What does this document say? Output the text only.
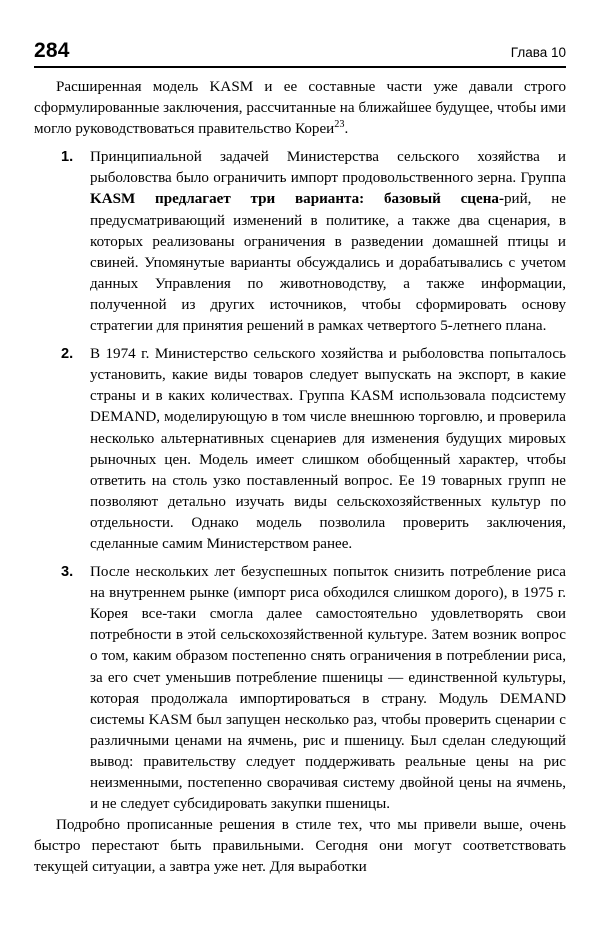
284	Глава 10

Расширенная модель KASM и ее составные части уже давали строго сформулированные заключения, рассчитанные на ближайшее будущее, чтобы ими могло руководствоваться правительство Кореи$^{23}$.

1. Принципиальной задачей Министерства сельского хозяйства и рыболовства было ограничить импорт продовольственного зерна. Группа KASM предлагает три варианта: базовый сцена-рий, не предусматривающий изменений в политике, а также два сценария, в которых реализованы ограничения в разведении домашней птицы и свиней. Упомянутые варианты обсуждались и дорабатывались с учетом данных Управления по животноводству, а также информации, полученной из других источников, чтобы сформировать основу стратегии для принятия решений в рамках четвертого 5-летнего плана.
2. В 1974 г. Министерство сельского хозяйства и рыболовства попыталось установить, какие виды товаров следует выпускать на экспорт, в какие страны и в каких количествах. Группа KASM использовала подсистему DEMAND, моделирующую в том числе внешнюю торговлю, и проверила несколько альтернативных сценариев для изменения будущих мировых рыночных цен. Модель имеет слишком обобщенный характер, чтобы ответить на столь узко поставленный вопрос. Ее 19 товарных групп не позволяют детально изучать виды сельскохозяйственных культур по отдельности. Однако модель позволила проверить заключения, сделанные самим Министерством ранее.
3. После нескольких лет безуспешных попыток снизить потребление риса на внутреннем рынке (импорт риса обходился слишком дорого), в 1975 г. Корея все-таки смогла далее самостоятельно удовлетворять свои потребности в этой сельскохозяйственной культуре. Затем возник вопрос о том, каким образом постепенно снять ограничения в потреблении риса, за его счет уменьшив потребление пшеницы — единственной культуры, которая продолжала импортироваться в страну. Модуль DEMAND системы KASM был запущен несколько раз, чтобы проверить сценарии с различными ценами на ячмень, рис и пшеницу. Был сделан следующий вывод: правительству следует поддерживать реальные цены на рис неизменными, постепенно сворачивая систему двойной цены на ячмень, и не следует субсидировать закупки пшеницы.

Подробно прописанные решения в стиле тех, что мы привели выше, очень быстро перестают быть правильными. Сегодня они могут соответствовать текущей ситуации, а завтра уже нет. Для выработки
